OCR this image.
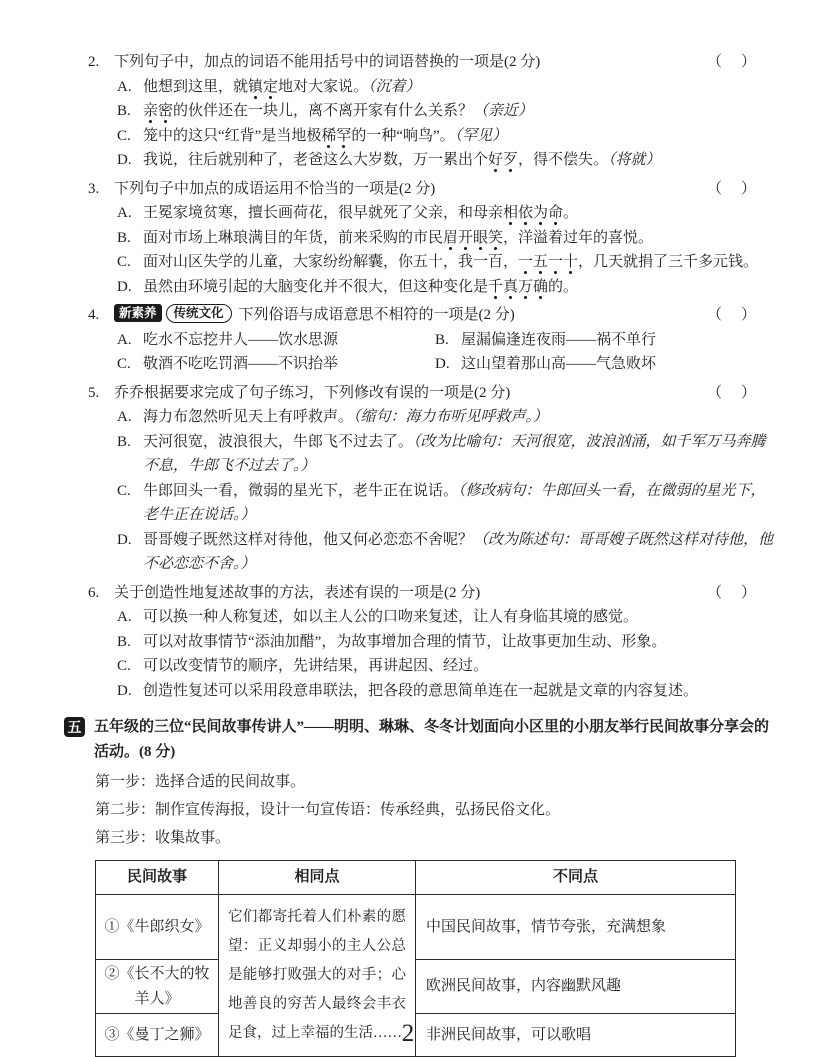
2. 下列句子中，加点的词语不能用括号中的词语替换的一项是(2 分)	（　）
A. 他想到这里，就镇定地对大家说。（沉着）
B. 亲密的伙伴还在一块儿，离不离开家有什么关系？（亲近）
C. 笼中的这只“红背”是当地极稀罕的一种“响鸟”。（罕见）
D. 我说，往后就别种了，老爸这么大岁数，万一累出个好歹，得不偿失。（将就）
3. 下列句子中加点的成语运用不恰当的一项是(2 分)	（　）
A. 王冕家境贫寒，擅长画荷花，很早就死了父亲，和母亲相依为命。
B. 面对市场上琳琅满目的年货，前来采购的市民眉开眼笑，洋溢着过年的喜悦。
C. 面对山区失学的儿童，大家纷纷解囊，你五十，我一百，一五一十，几天就捐了三千多元钱。
D. 虽然由环境引起的大脑变化并不很大，但这种变化是千真万确的。
4.	新素养 传统文化 下列俗语与成语意思不相符的一项是(2 分)	（　）
A. 吃水不忘挖井人——饮水思源	B. 屋漏偏逢连夜雨——祸不单行
C. 敬酒不吃吃罚酒——不识抬举	D. 这山望着那山高——气急败坏
5. 乔乔根据要求完成了句子练习，下列修改有误的一项是(2 分)	（　）
A. 海力布忽然听见天上有呼救声。（缩句：海力布听见呼救声。）
B. 天河很宽，波浪很大，牛郎飞不过去了。（改为比喻句：天河很宽，波浪汹涌，如千军万马奔腾不息，牛郎飞不过去了。）
C. 牛郎回头一看，微弱的星光下，老牛正在说话。（修改病句：牛郎回头一看，在微弱的星光下，老牛正在说话。）
D. 哥哥嫂子既然这样对待他，他又何必恋恋不舍呢？（改为陈述句：哥哥嫂子既然这样对待他，他不必恋恋不舍。）
6. 关于创造性地复述故事的方法，表述有误的一项是(2 分)	（　）
A. 可以换一种人称复述，如以主人公的口吻来复述，让人有身临其境的感觉。
B. 可以对故事情节“添油加醋”，为故事增加合理的情节，让故事更加生动、形象。
C. 可以改变情节的顺序，先讲结果，再讲起因、经过。
D. 创造性复述可以采用段意串联法，把各段的意思简单连在一起就是文章的内容复述。
五 五年级的三位“民间故事传讲人”——明明、琳琳、冬冬计划面向小区里的小朋友举行民间故事分享会的活动。(8 分)
第一步：选择合适的民间故事。
第二步：制作宣传海报，设计一句宣传语：传承经典，弘扬民俗文化。
第三步：收集故事。
民间故事	相同点	不同点
①《牛郎织女》	它们都寄托着人们朴素的愿望：正义却弱小的主人公总是能够打败强大的对手；心地善良的穷苦人最终会丰衣足食，过上幸福的生活……	中国民间故事，情节夸张，充满想象
②《长不大的牧羊人》		欧洲民间故事，内容幽默风趣
③《曼丁之狮》		非洲民间故事，可以歌唱
2
